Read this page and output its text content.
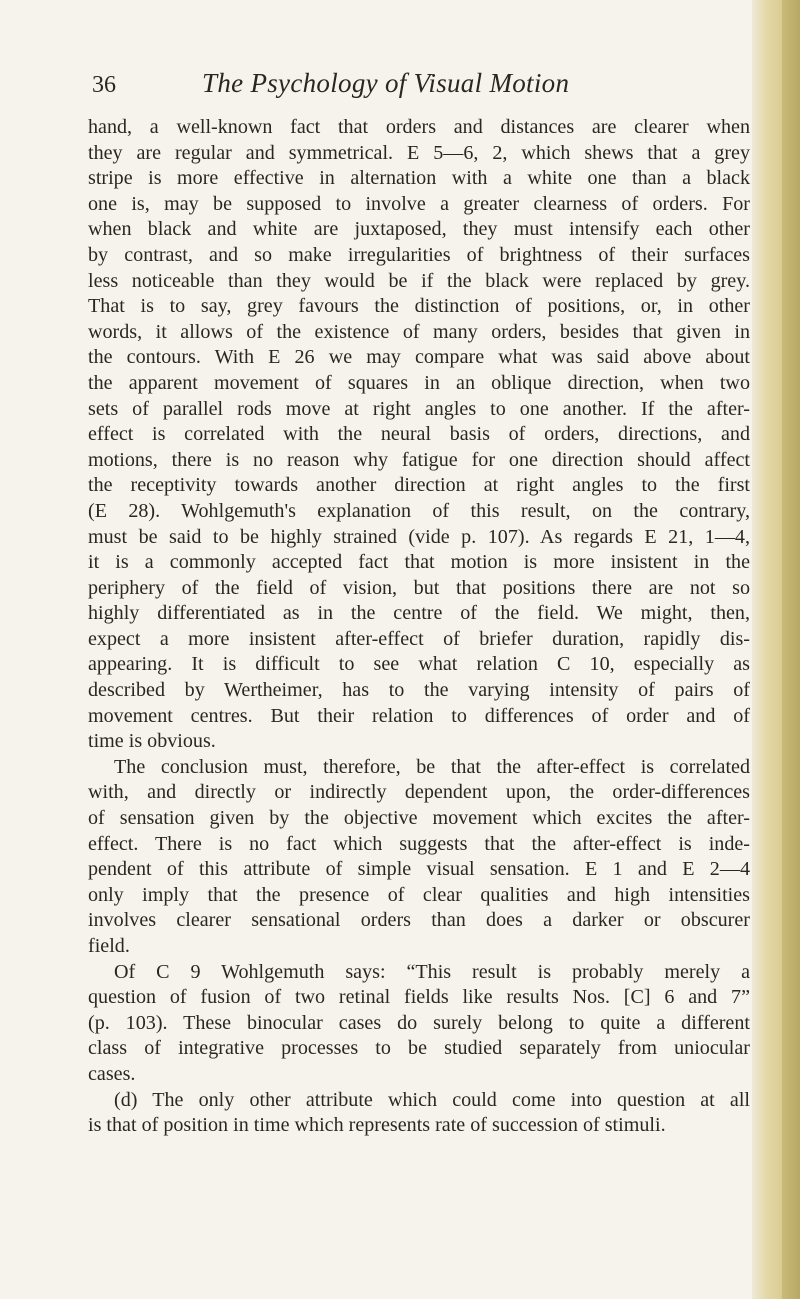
36	The Psychology of Visual Motion
hand, a well-known fact that orders and distances are clearer when
they are regular and symmetrical. E 5—6, 2, which shews that a grey
stripe is more effective in alternation with a white one than a black
one is, may be supposed to involve a greater clearness of orders. For
when black and white are juxtaposed, they must intensify each other
by contrast, and so make irregularities of brightness of their surfaces
less noticeable than they would be if the black were replaced by grey.
That is to say, grey favours the distinction of positions, or, in other
words, it allows of the existence of many orders, besides that given in
the contours. With E 26 we may compare what was said above about
the apparent movement of squares in an oblique direction, when two
sets of parallel rods move at right angles to one another. If the after-
effect is correlated with the neural basis of orders, directions, and
motions, there is no reason why fatigue for one direction should affect
the receptivity towards another direction at right angles to the first
(E 28). Wohlgemuth's explanation of this result, on the contrary,
must be said to be highly strained (vide p. 107). As regards E 21, 1—4,
it is a commonly accepted fact that motion is more insistent in the
periphery of the field of vision, but that positions there are not so
highly differentiated as in the centre of the field. We might, then,
expect a more insistent after-effect of briefer duration, rapidly dis-
appearing. It is difficult to see what relation C 10, especially as
described by Wertheimer, has to the varying intensity of pairs of
movement centres. But their relation to differences of order and of
time is obvious.
The conclusion must, therefore, be that the after-effect is correlated
with, and directly or indirectly dependent upon, the order-differences
of sensation given by the objective movement which excites the after-
effect. There is no fact which suggests that the after-effect is inde-
pendent of this attribute of simple visual sensation. E 1 and E 2—4
only imply that the presence of clear qualities and high intensities
involves clearer sensational orders than does a darker or obscurer
field.
Of C 9 Wohlgemuth says: “This result is probably merely a
question of fusion of two retinal fields like results Nos. [C] 6 and 7”
(p. 103). These binocular cases do surely belong to quite a different
class of integrative processes to be studied separately from uniocular
cases.
(d) The only other attribute which could come into question at all
is that of position in time which represents rate of succession of stimuli.
